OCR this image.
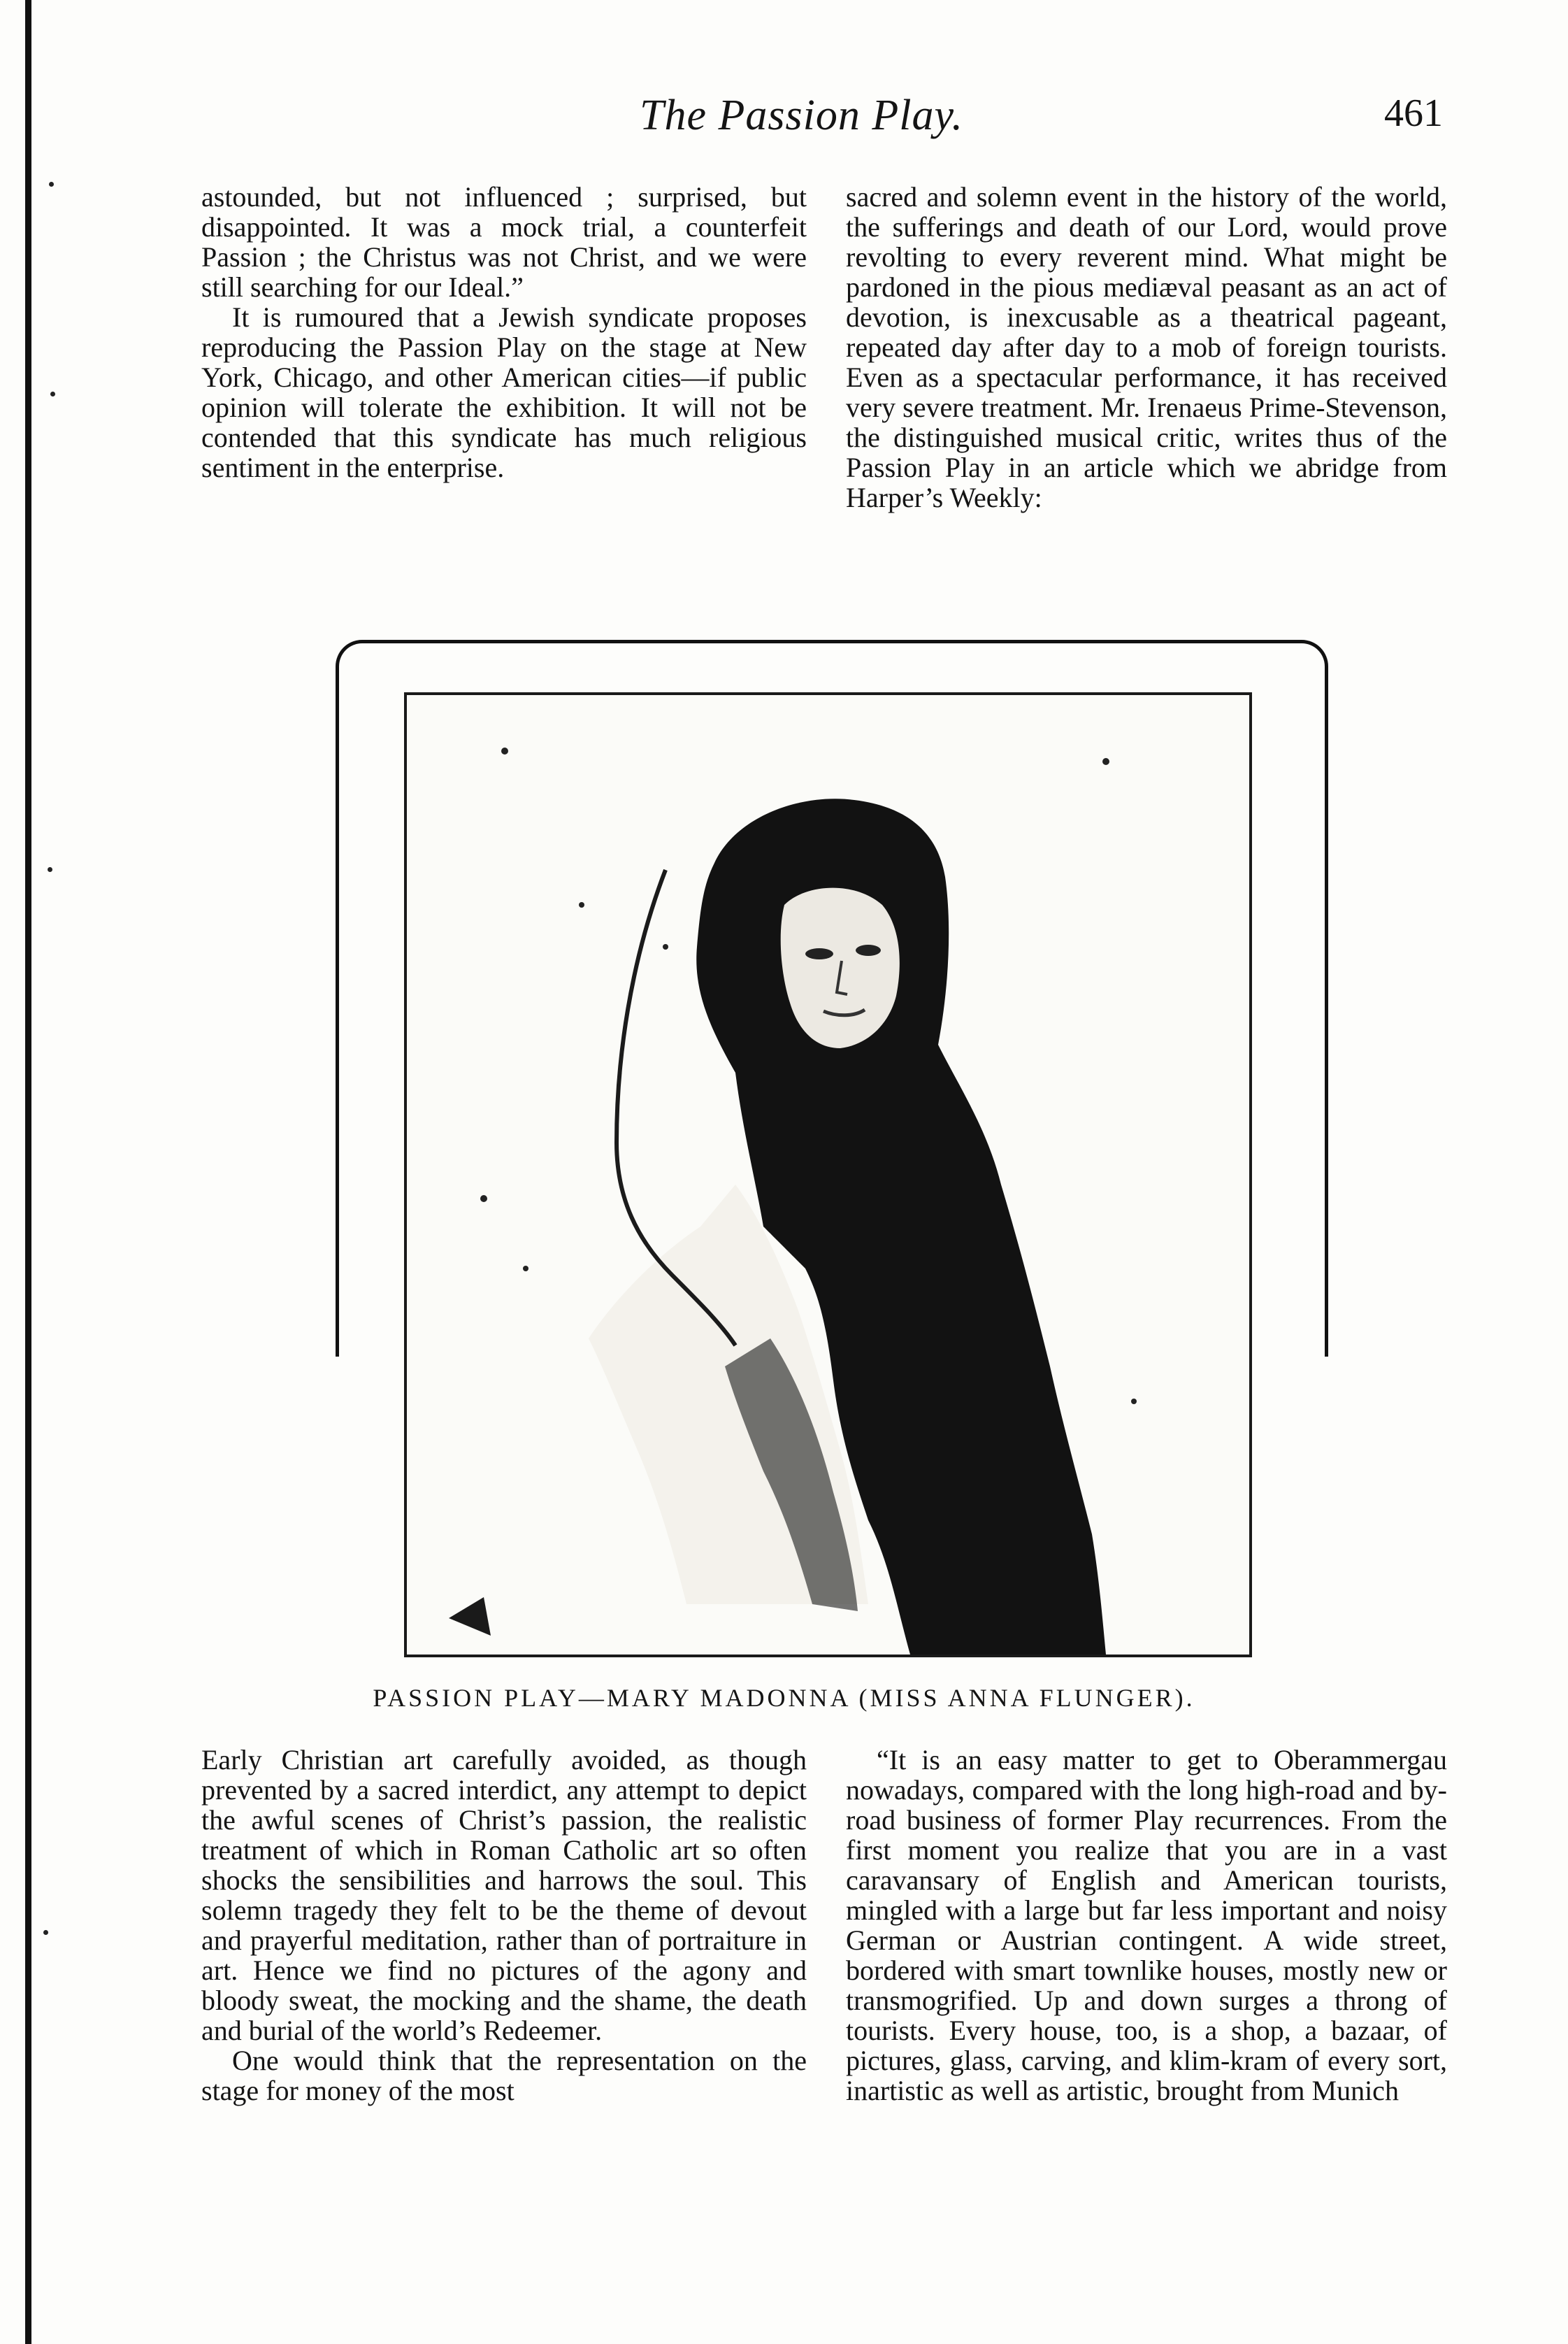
The Passion Play.	461

astounded, but not influenced ; surprised, but disappointed. It was a mock trial, a counterfeit Passion ; the Christus was not Christ, and we were still searching for our Ideal.”

It is rumoured that a Jewish syndicate proposes reproducing the Passion Play on the stage at New York, Chicago, and other American cities—if public opinion will tolerate the exhibition. It will not be contended that this syndicate has much religious sentiment in the enterprise.

sacred and solemn event in the history of the world, the sufferings and death of our Lord, would prove revolting to every reverent mind. What might be pardoned in the pious mediæval peasant as an act of devotion, is inexcusable as a theatrical pageant, repeated day after day to a mob of foreign tourists. Even as a spectacular performance, it has received very severe treatment. Mr. Irenaeus Prime-Stevenson, the distinguished musical critic, writes thus of the Passion Play in an article which we abridge from Harper’s Weekly:

PASSION PLAY—MARY MADONNA (MISS ANNA FLUNGER).

Early Christian art carefully avoided, as though prevented by a sacred interdict, any attempt to depict the awful scenes of Christ’s passion, the realistic treatment of which in Roman Catholic art so often shocks the sensibilities and harrows the soul. This solemn tragedy they felt to be the theme of devout and prayerful meditation, rather than of portraiture in art. Hence we find no pictures of the agony and bloody sweat, the mocking and the shame, the death and burial of the world’s Redeemer.

One would think that the representation on the stage for money of the most

“It is an easy matter to get to Oberammergau nowadays, compared with the long high-road and by-road business of former Play recurrences. From the first moment you realize that you are in a vast caravansary of English and American tourists, mingled with a large but far less important and noisy German or Austrian contingent. A wide street, bordered with smart townlike houses, mostly new or transmogrified. Up and down surges a throng of tourists. Every house, too, is a shop, a bazaar, of pictures, glass, carving, and klim-kram of every sort, inartistic as well as artistic, brought from Munich
